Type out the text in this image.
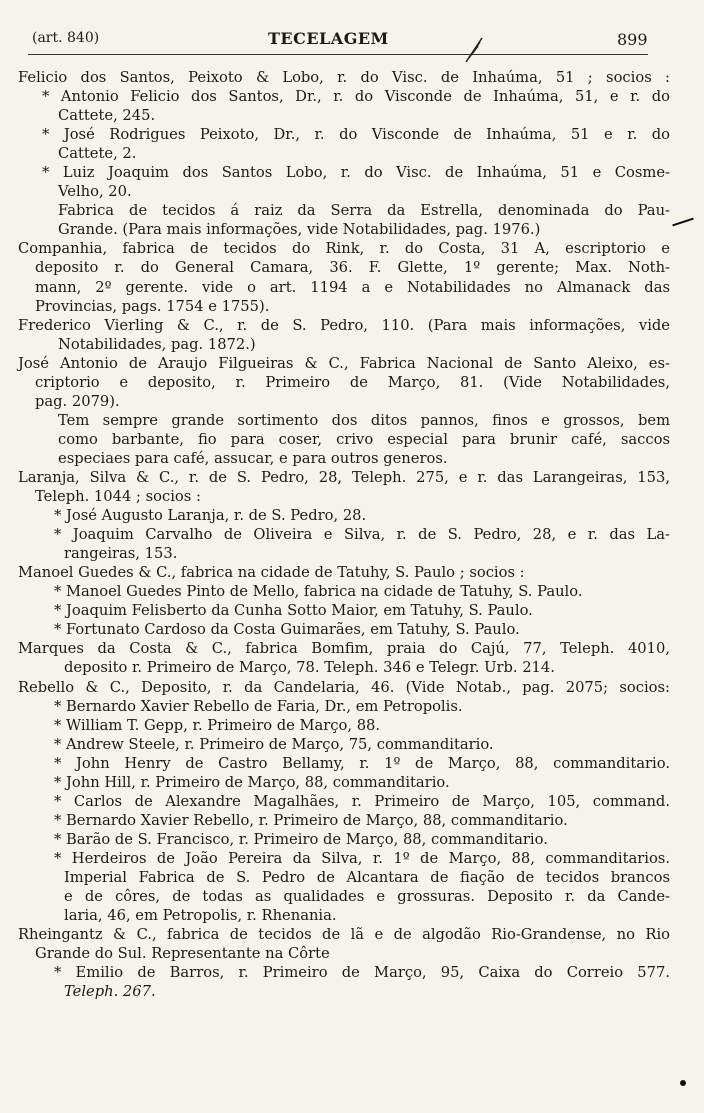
(art. 840)	TECELAGEM	899
Felicio dos Santos, Peixoto & Lobo, r. do Visc. de Inhaúma, 51 ; socios :
* Antonio Felicio dos Santos, Dr., r. do Visconde de Inhaúma, 51, e r. do
Cattete, 245.
* José Rodrigues Peixoto, Dr., r. do Visconde de Inhaúma, 51 e r. do
Cattete, 2.
* Luiz Joaquim dos Santos Lobo, r. do Visc. de Inhaúma, 51 e Cosme-
Velho, 20.
Fabrica de tecidos á raiz da Serra da Estrella, denominada do Pau-
Grande. (Para mais informações, vide Notabilidades, pag. 1976.)
Companhia, fabrica de tecidos do Rink, r. do Costa, 31 A, escriptorio e
deposito r. do General Camara, 36. F. Glette, 1º gerente; Max. Noth-
mann, 2º gerente. vide o art. 1194 a e Notabilidades no Almanack das
Provincias, pags. 1754 e 1755).
Frederico Vierling & C., r. de S. Pedro, 110. (Para mais informações, vide
Notabilidades, pag. 1872.)
José Antonio de Araujo Filgueiras & C., Fabrica Nacional de Santo Aleixo, es-
criptorio e deposito, r. Primeiro de Março, 81. (Vide Notabilidades,
pag. 2079).
Tem sempre grande sortimento dos ditos pannos, finos e grossos, bem
como barbante, fio para coser, crivo especial para brunir café, saccos
especiaes para café, assucar, e para outros generos.
Laranja, Silva & C., r. de S. Pedro, 28, Teleph. 275, e r. das Larangeiras, 153,
Teleph. 1044 ; socios :
* José Augusto Laranja, r. de S. Pedro, 28.
* Joaquim Carvalho de Oliveira e Silva, r. de S. Pedro, 28, e r. das La-
rangeiras, 153.
Manoel Guedes & C., fabrica na cidade de Tatuhy, S. Paulo ; socios :
* Manoel Guedes Pinto de Mello, fabrica na cidade de Tatuhy, S. Paulo.
* Joaquim Felisberto da Cunha Sotto Maior, em Tatuhy, S. Paulo.
* Fortunato Cardoso da Costa Guimarães, em Tatuhy, S. Paulo.
Marques da Costa & C., fabrica Bomfim, praia do Cajú, 77, Teleph. 4010,
deposito r. Primeiro de Março, 78. Teleph. 346 e Telegr. Urb. 214.
Rebello & C., Deposito, r. da Candelaria, 46. (Vide Notab., pag. 2075; socios:
* Bernardo Xavier Rebello de Faria, Dr., em Petropolis.
* William T. Gepp, r. Primeiro de Março, 88.
* Andrew Steele, r. Primeiro de Março, 75, commanditario.
* John Henry de Castro Bellamy, r. 1º de Março, 88, commanditario.
* John Hill, r. Primeiro de Março, 88, commanditario.
* Carlos de Alexandre Magalhães, r. Primeiro de Março, 105, command.
* Bernardo Xavier Rebello, r. Primeiro de Março, 88, commanditario.
* Barão de S. Francisco, r. Primeiro de Março, 88, commanditario.
* Herdeiros de João Pereira da Silva, r. 1º de Março, 88, commanditarios.
Imperial Fabrica de S. Pedro de Alcantara de fiação de tecidos brancos
e de côres, de todas as qualidades e grossuras. Deposito r. da Cande-
laria, 46, em Petropolis, r. Rhenania.
Rheingantz & C., fabrica de tecidos de lã e de algodão Rio-Grandense, no Rio
Grande do Sul. Representante na Côrte
* Emilio de Barros, r. Primeiro de Março, 95, Caixa do Correio 577.
Teleph. 267.
